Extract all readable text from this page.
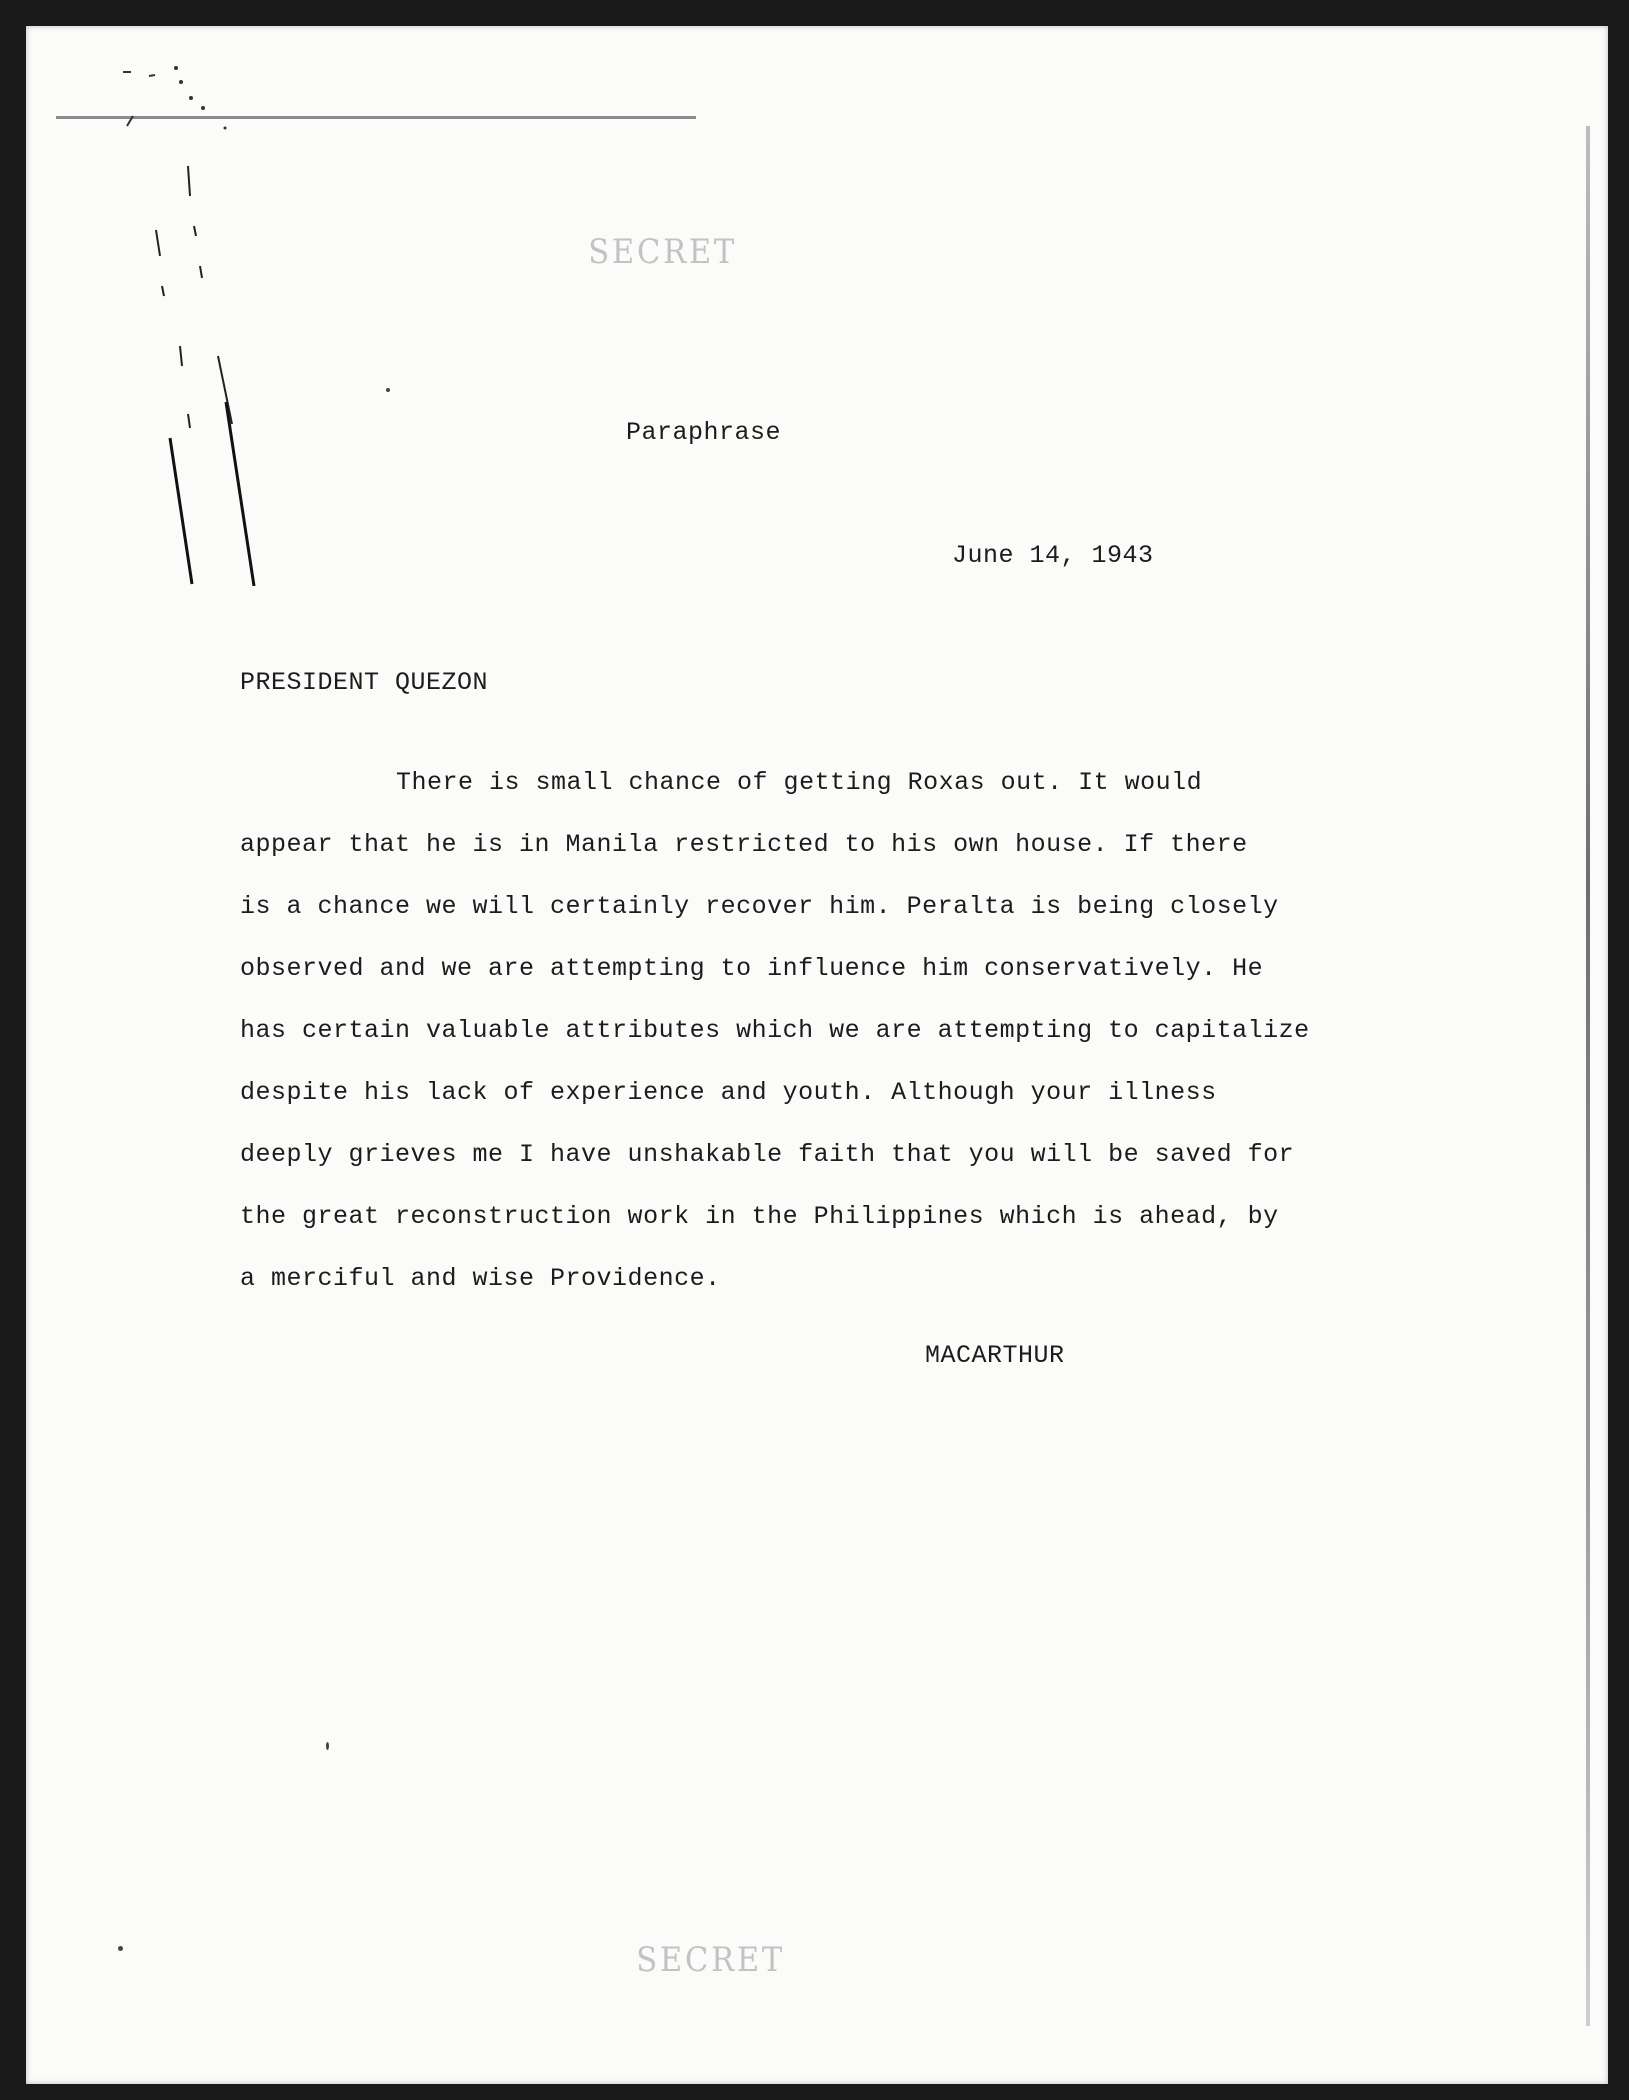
SECRET
Paraphrase
June 14, 1943
PRESIDENT QUEZON
There is small chance of getting Roxas out. It would
appear that he is in Manila restricted to his own house. If there
is a chance we will certainly recover him. Peralta is being closely
observed and we are attempting to influence him conservatively. He
has certain valuable attributes which we are attempting to capitalize
despite his lack of experience and youth. Although your illness
deeply grieves me I have unshakable faith that you will be saved for
the great reconstruction work in the Philippines which is ahead, by
a merciful and wise Providence.
MACARTHUR
SECRET
